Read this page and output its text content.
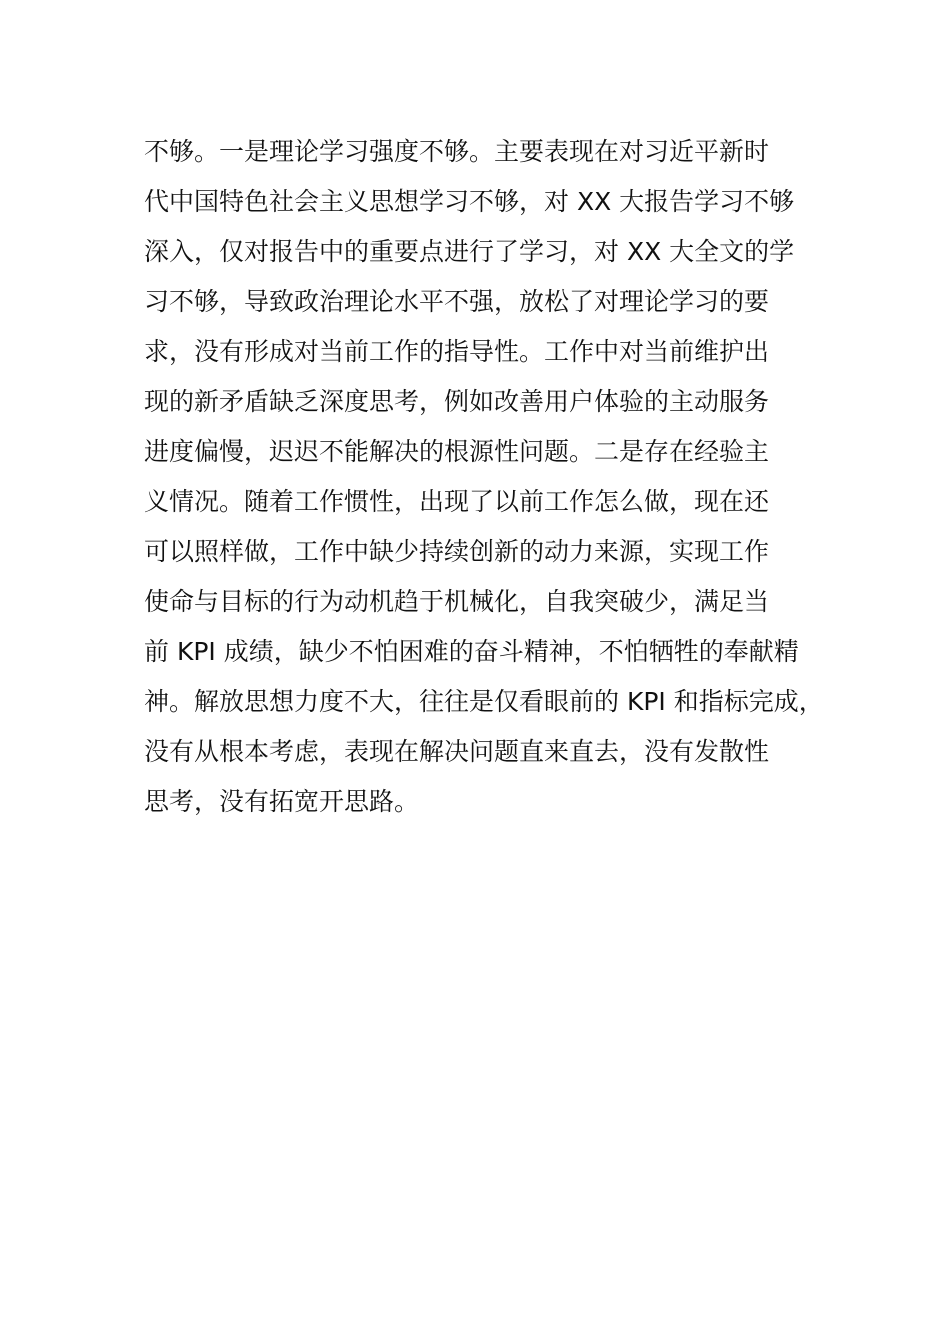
不够。一是理论学习强度不够。主要表现在对习近平新时
代中国特色社会主义思想学习不够，对 XX 大报告学习不够
深入，仅对报告中的重要点进行了学习，对 XX 大全文的学
习不够，导致政治理论水平不强，放松了对理论学习的要
求，没有形成对当前工作的指导性。工作中对当前维护出
现的新矛盾缺乏深度思考，例如改善用户体验的主动服务
进度偏慢，迟迟不能解决的根源性问题。二是存在经验主
义情况。随着工作惯性，出现了以前工作怎么做，现在还
可以照样做，工作中缺少持续创新的动力来源，实现工作
使命与目标的行为动机趋于机械化，自我突破少，满足当
前 KPI 成绩，缺少不怕困难的奋斗精神，不怕牺牲的奉献精
神。解放思想力度不大，往往是仅看眼前的 KPI 和指标完成，
没有从根本考虑，表现在解决问题直来直去，没有发散性
思考，没有拓宽开思路。
